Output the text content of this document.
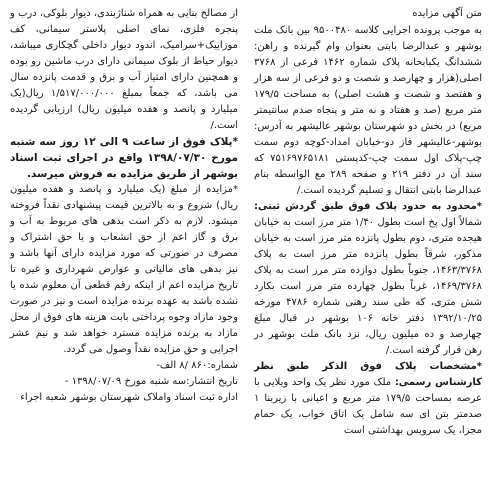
متن آگهی مزایده

به موجب پرونده اجرایی کلاسه ۹۵۰۰۴۸۰ بین بانک ملت بوشهر و عبدالرضا بابتی بعنوان وام گیرنده و راهن: ششدانگ یکبابخانه پلاک شماره ۱۴۶۲ فرعی از ۳۷۶۸ اصلی(هزار و چهارصد و شصت و دو فرعی از سه هزار و هفتصد و شصت و هشت اصلی) به مساحت ۱۷۹/۵ متر مربع (صد و هفتاد و نه متر و پنجاه صدم سانتیمتر مربع) در بخش دو شهرستان بوشهر عالیشهر به آدرس: بوشهر-عالیشهر فاز دو-خیابان امداد-کوچه دوم سمت چپ-پلاک اول سمت چپ-کدپستی ۷۵۱۶۹۷۶۵۱۸۱ که سند آن در دفتر ۲۱۹ و صفحه ۲۸۹ مع الواسطه بنام عبدالرضا بابتی انتقال و تسلیم گردیده است./

*محدود به حدود پلاک فوق طبق گردش ثبتی: شمالاً اول پخ است بطول ۱/۴۰ متر مرز است به خیابان هیجده متری، دوم بطول پانزده متر مرز است به خیابان مذکور، شرقاً بطول پانزده متر مرز است به پلاک ۱۴۶۳/۳۷۶۸، جنوباً بطول دوازده متر مرز است به پلاک ۱۴۶۹/۳۷۶۸، غرباً بطول چهارده متر مرز است بکارد شش متری، که طی سند رهنی شماره ۴۷۸۶ مورخه ۱۳۹۲/۱۰/۲۵ دفتر خانه ۱۰۶ بوشهر در قبال مبلغ چهارصد و ده میلیون ریال، نزد بانک ملت بوشهر در رهن قرار گرفته است./

*مشخصات پلاک فوق الذکر طبق نظر کارشناس رسمی: ملک مورد نظر یک واحد ویلایی با عرصه بمساحت ۱۷۹/۵ متر مربع و اعیانی با زیربنا ۱ صدمتر بتن ای سه شامل یک اتاق خواب، یک حمام مجزا، یک سرویس بهداشتی است

از مصالح بنایی به همراه شناژبندی، دیوار بلوکی، درب و پنجره فلزی، نمای اصلی پلاستر سیمانی، کف موزاییک+سرامیک، اندود دیوار داخلی گچکاری میباشد، دیوار حیاط از بلوک سیمانی دارای درب ماشین رو بوده و همچنین دارای امتیاز آب و برق و قدمت پانزده سال می باشد، که جمعاً بمبلغ ۱/۵۱۷/۰۰۰/۰۰۰ ریال(یک میلیارد و پانصد و هفده میلیون ریال) ارزیابی گردیده است./

*پلاک فوق از ساعت ۹ الی ۱۲ روز سه شنبه مورخ ۱۳۹۸/۰۷/۳۰ واقع در اجرای ثبت اسناد بوشهر از طریق مزایده به فروش میرسد.

*مزایده از مبلغ (یک میلیارد و پانصد و هفده میلیون ریال) شروع و به بالاترین قیمت پیشنهادی نقداً فروخته میشود. لازم به ذکر است بدهی های مربوط به آب و برق و گاز اعم از حق انشعاب و یا حق اشتراک و مصرف در صورتی که مورد مزایده دارای آنها باشد و نیز بدهی های مالیاتی و عوارض شهرداری و غیره تا تاریخ مزایده اعم از اینکه رقم قطعی آن معلوم شده یا نشده باشد به عهده برنده مزایده است و نیز در صورت وجود مازاد وجوه پرداختی بابت هزینه های فوق از محل مازاد به برنده مزایده مسترد خواهد شد و نیم عشر اجرایی و حق مزایده نقداً وصول می گردد.

شماره:۸۶۰ /۸ الف-

تاریخ انتشار:سه شنبه مورخ ۱۳۹۸/۰۷/۰۹ -

اداره ثبت اسناد واملاک شهرستان بوشهر شعبه اجراء
